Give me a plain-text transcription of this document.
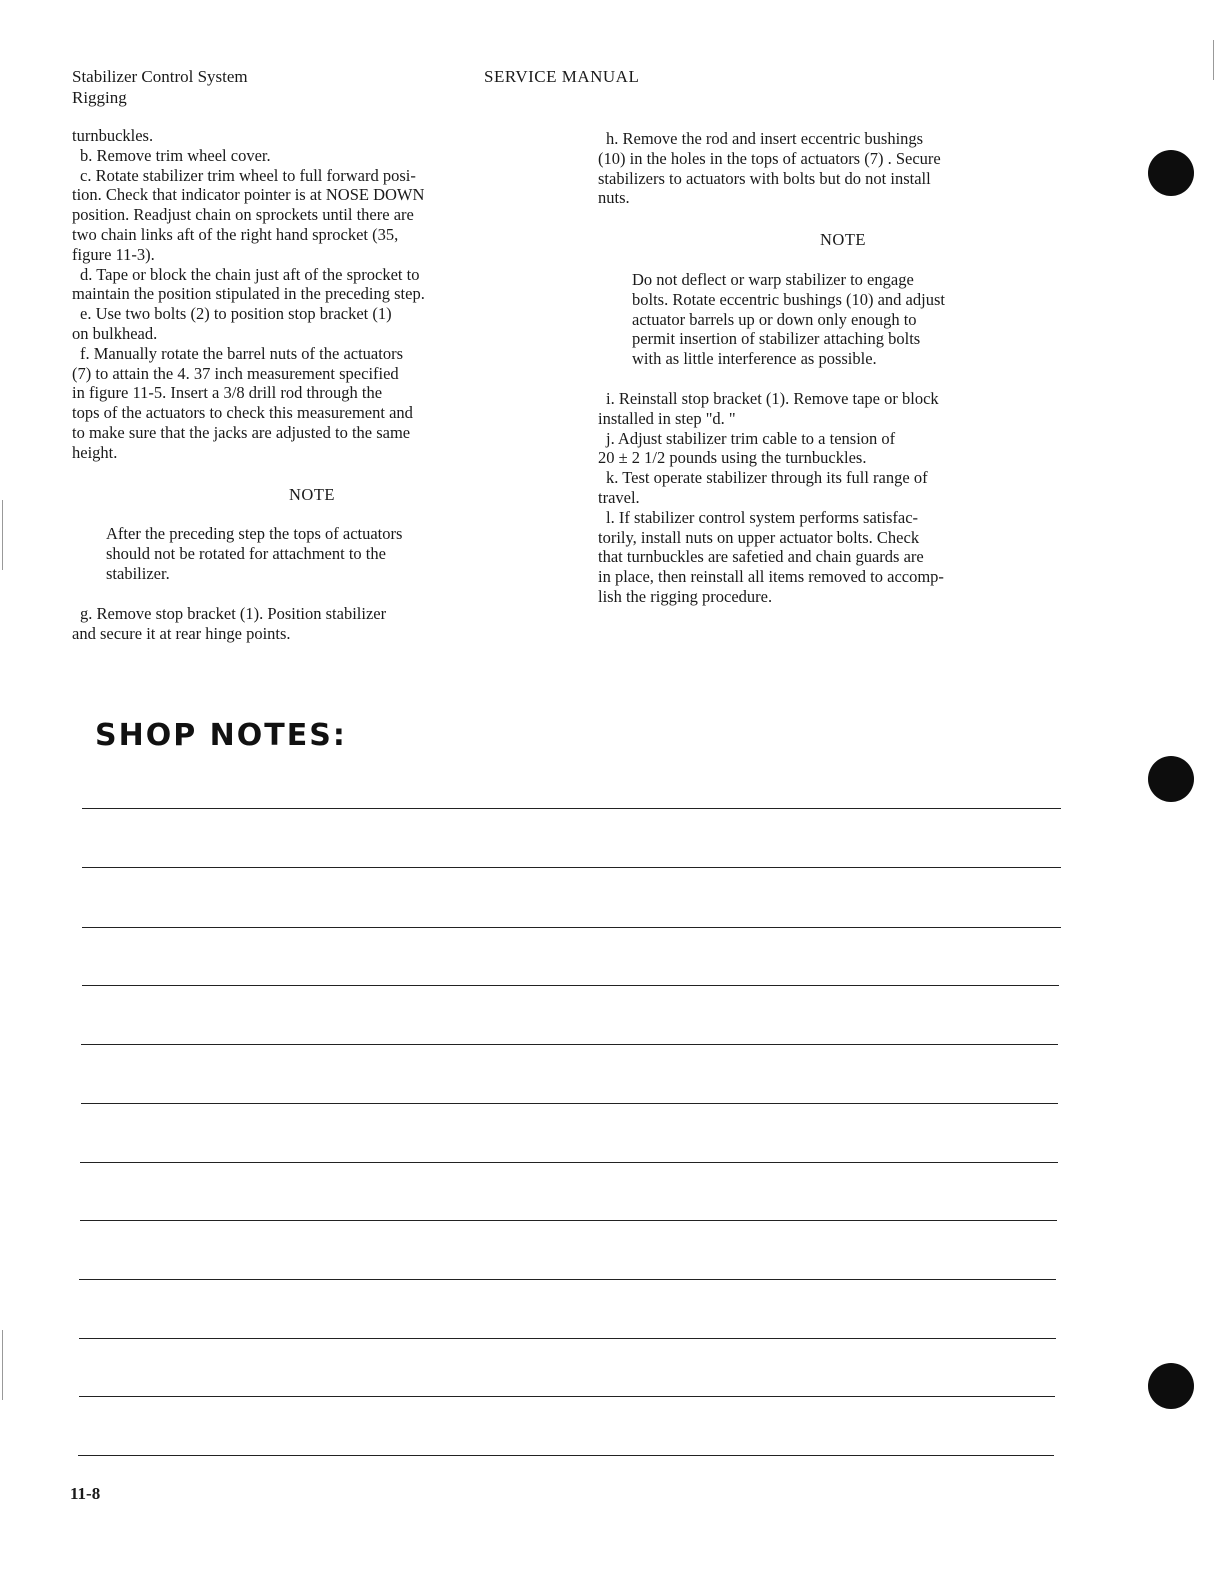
Stabilizer Control System
Rigging
SERVICE MANUAL

turnbuckles.

b. Remove trim wheel cover.

c. Rotate stabilizer trim wheel to full forward posi-

tion. Check that indicator pointer is at NOSE DOWN

position. Readjust chain on sprockets until there are

two chain links aft of the right hand sprocket (35,

figure 11-3).

d. Tape or block the chain just aft of the sprocket to

maintain the position stipulated in the preceding step.

e. Use two bolts (2) to position stop bracket (1)

on bulkhead.

f. Manually rotate the barrel nuts of the actuators

(7) to attain the 4. 37 inch measurement specified

in figure 11-5. Insert a 3/8 drill rod through the

tops of the actuators to check this measurement and

to make sure that the jacks are adjusted to the same

height.

NOTE

After the preceding step the tops of actuators

should not be rotated for attachment to the

stabilizer.

g. Remove stop bracket (1). Position stabilizer

and secure it at rear hinge points.

h. Remove the rod and insert eccentric bushings

(10) in the holes in the tops of actuators (7) . Secure

stabilizers to actuators with bolts but do not install

nuts.

NOTE

Do not deflect or warp stabilizer to engage

bolts. Rotate eccentric bushings (10) and adjust

actuator barrels up or down only enough to

permit insertion of stabilizer attaching bolts

with as little interference as possible.

i. Reinstall stop bracket (1). Remove tape or block

installed in step "d. "

j. Adjust stabilizer trim cable to a tension of

20 ± 2 1/2 pounds using the turnbuckles.

k. Test operate stabilizer through its full range of

travel.

l. If stabilizer control system performs satisfac-

torily, install nuts on upper actuator bolts. Check

that turnbuckles are safetied and chain guards are

in place, then reinstall all items removed to accomp-

lish the rigging procedure.

SHOP NOTES:
11-8
